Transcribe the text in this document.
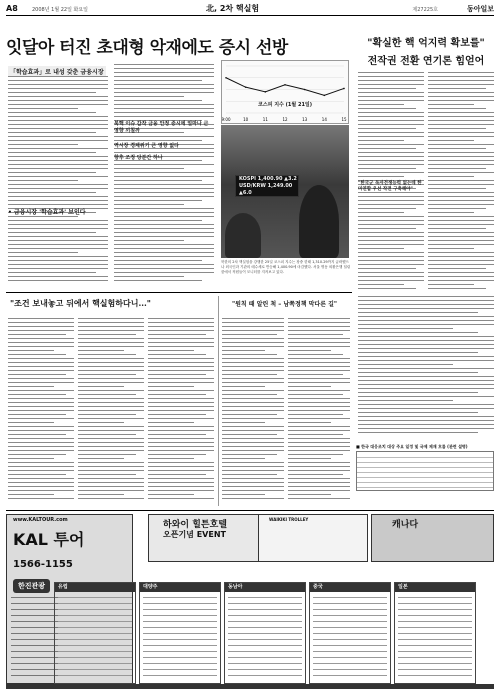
A8	2008년 1월 22일 화요일	北, 2차 핵실험	제27225호	동아일보
잇달아 터진 초대형 악재에도 증시 선방	"확실한 핵 억지력 확보를"
전작권 전환 연기론 힘얻어
「학습효과」로 내성 갖춘 금융시장
• 금융시장 '학습효과' 보인다
북핵 이슈 갑작 금융 안정 증시에 얼마나 큰 영향 끼칠까
역시장 경제위기 큰 영향 없다
향후 조정 당분간 하나
9:00	10	11	12	13	14	15
코스피 지수 (1월 21일)
KOSPI 1,400.90 ▲3.2
USD/KRW 1,249.00 ▲6.0
북한의 2차 핵실험을 강행한 25일 코스피 지수는 장중 한때 1,310.29까지 급락했으나 외국인과 기관의 매수세로 반등해 1,400.90에 마감했다. 서울 명동 외환은행 딜링룸에서 직원들이 모니터를 지켜보고 있다.
"한국군 독자전쟁능력 없는데 한미연합 우선 작전 구축해야"
"조건 보내놓고 뒤에서 핵실험하다니..."	"원칙 때 알린 척 – 남쪽정책 막다른 길"
■ 한국 대응조치 대상 주요 일정 및 국제 제재 흐름 (관련 설명)
www.KALTOUR.com
KAL 투어
1566-1155
한진관광
하와이 힐튼호텔
오픈기념 EVENT
WAIKIKI TROLLEY
캐나다
유럽	대양주	동남아	중국	일본
